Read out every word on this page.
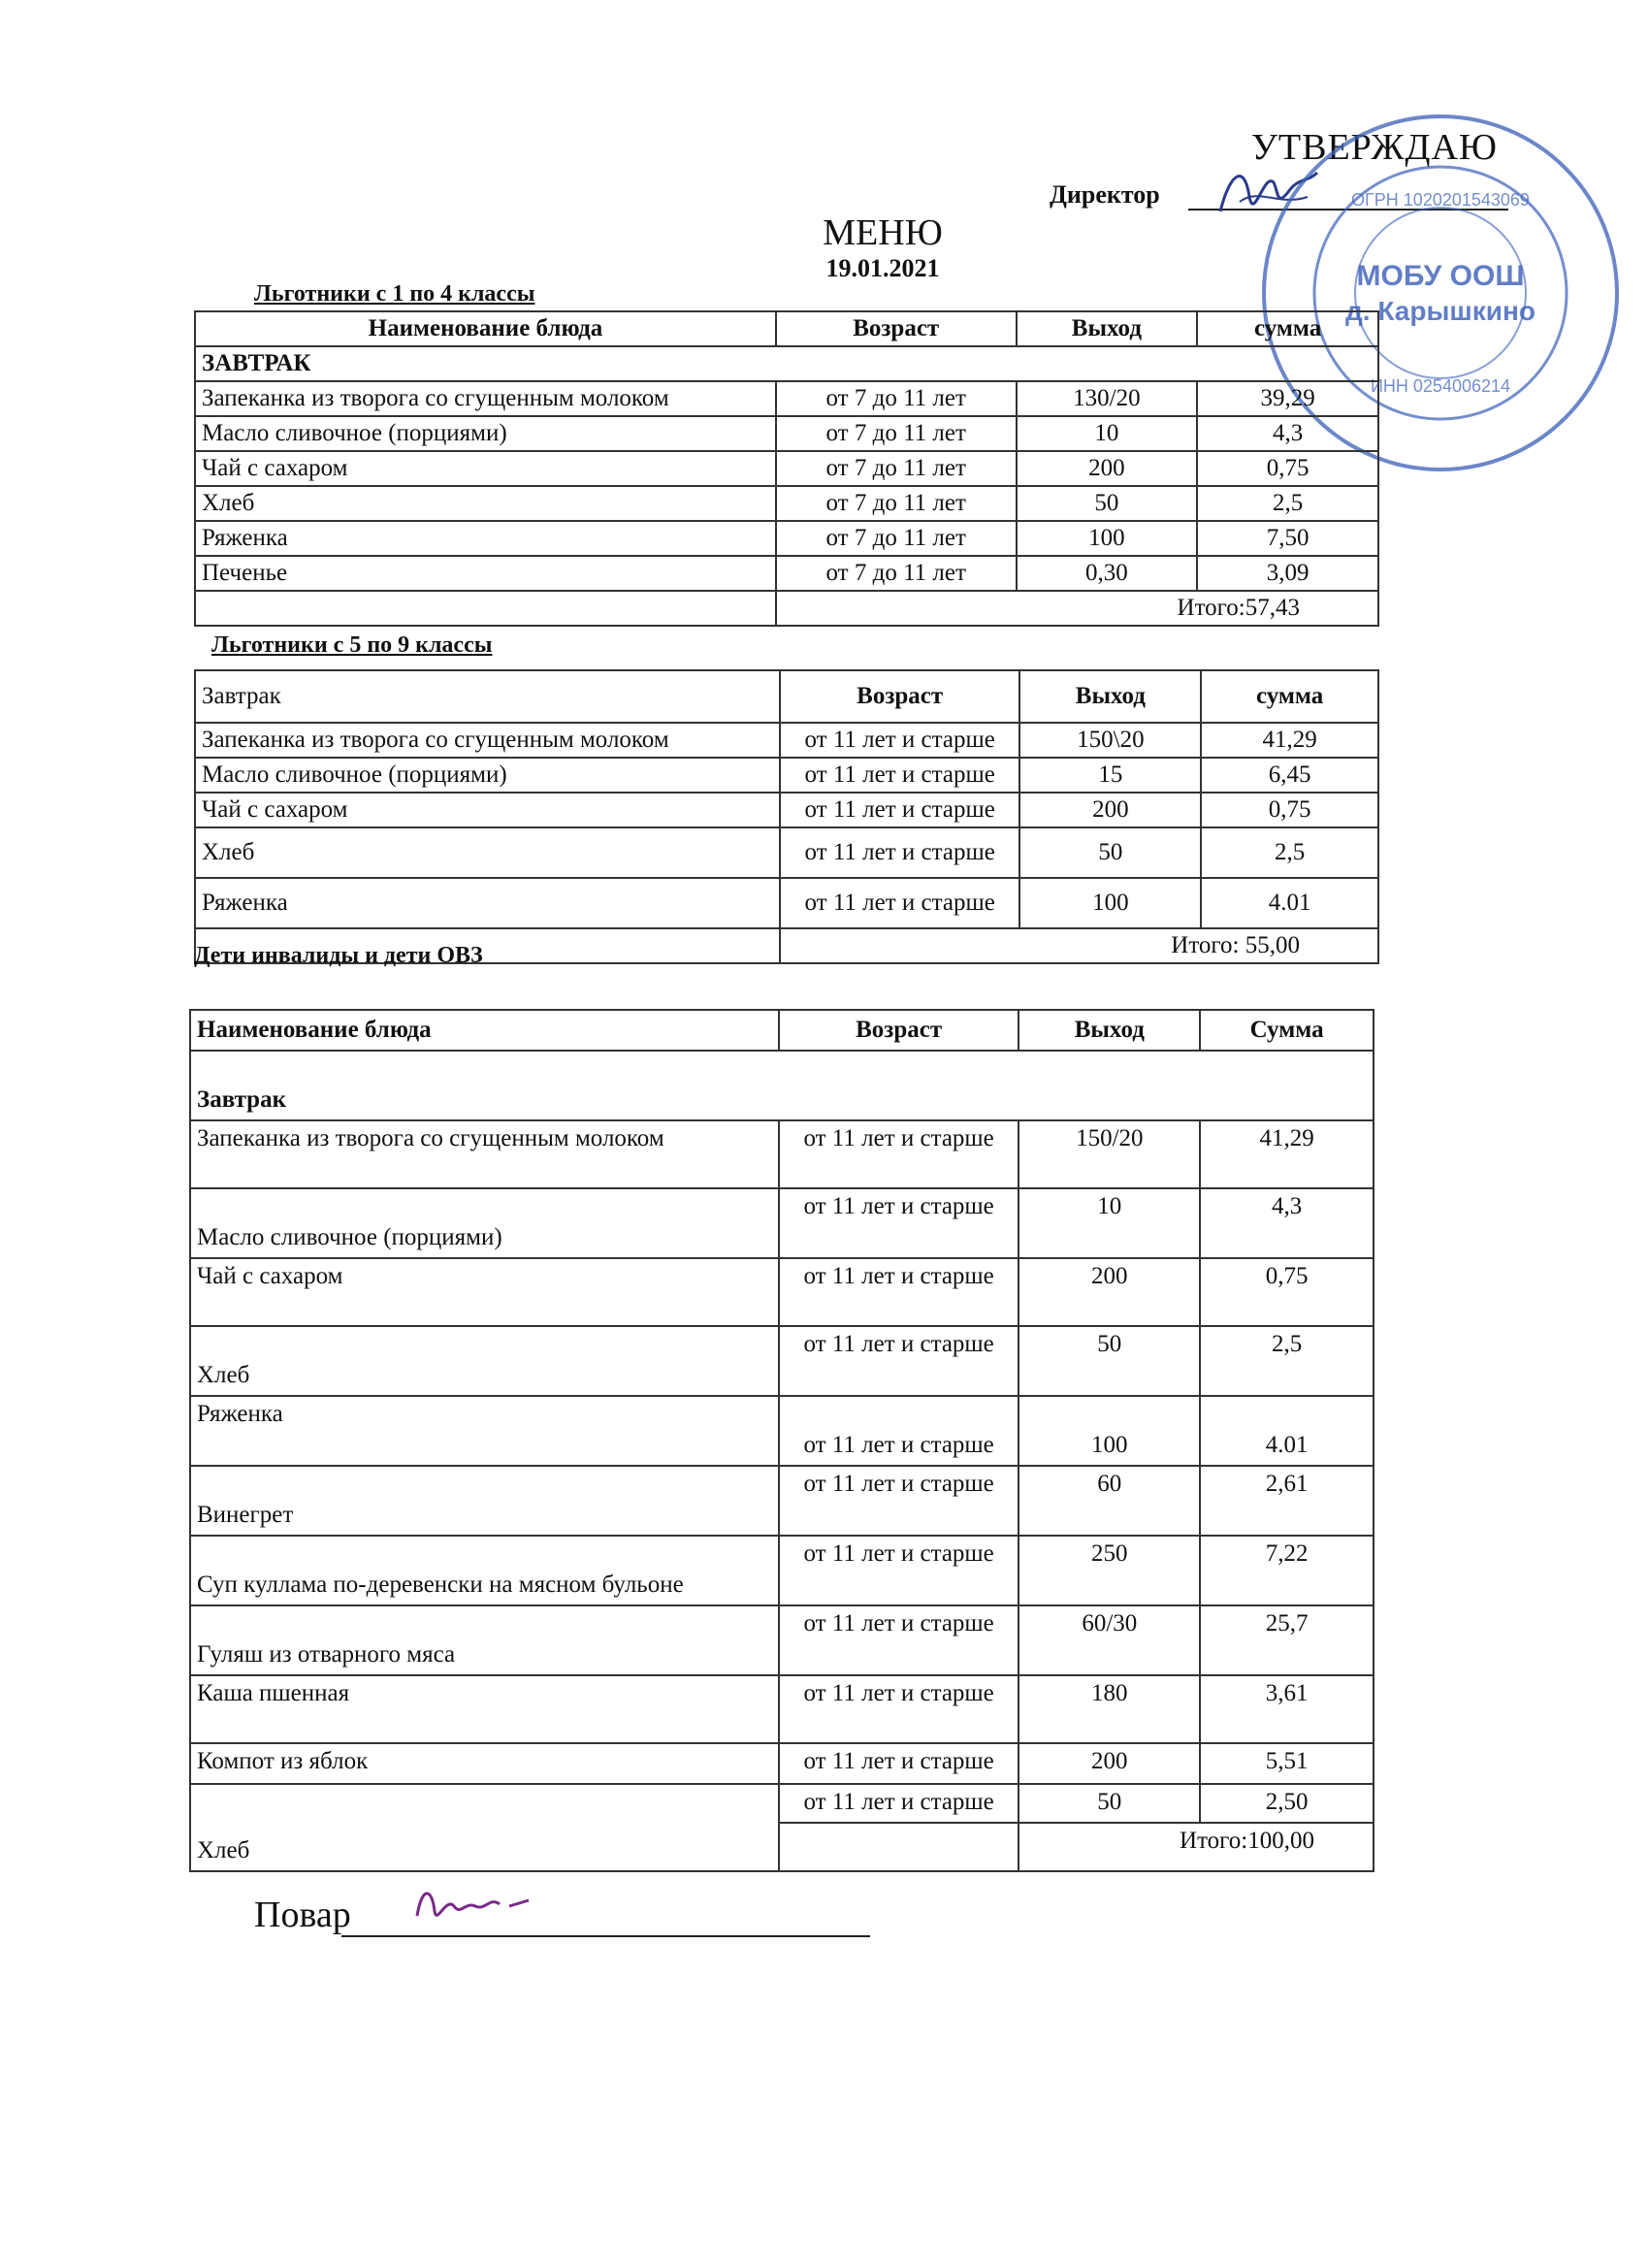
УТВЕРЖДАЮ
Директор
МЕНЮ
19.01.2021	МОБУ ООШ
д. Карышкино
ОГРН 1020201543069
ИНН 0254006214
Льготники с 1 по 4 классы
Наименование блюда	Возраст	Выход	сумма
ЗАВТРАК			
Запеканка из творога со сгущенным молоком	от 7 до 11 лет	130/20	39,29
Масло сливочное (порциями)	от 7 до 11 лет	10	4,3
Чай с сахаром	от 7 до 11 лет	200	0,75
Хлеб	от 7 до 11 лет	50	2,5
Ряженка	от 7 до 11 лет	100	7,50
Печенье	от 7 до 11 лет	0,30	3,09
	Итого:57,43		
Льготники с 5 по 9 классы
Завтрак	Возраст	Выход	сумма
Запеканка из творога со сгущенным молоком	от 11 лет и старше	150\20	41,29
Масло сливочное (порциями)	от 11 лет и старше	15	6,45
Чай с сахаром	от 11 лет и старше	200	0,75
Хлеб	от 11 лет и старше	50	2,5
Ряженка	от 11 лет и старше	100	4.01
	Итого: 55,00		
Дети инвалиды и дети ОВЗ
Наименование блюда	Возраст	Выход	Сумма
Завтрак			
Запеканка из творога со сгущенным молоком	от 11 лет и старше	150/20	41,29
Масло сливочное (порциями)	от 11 лет и старше	10	4,3
Чай с сахаром	от 11 лет и старше	200	0,75
Хлеб	от 11 лет и старше	50	2,5
Ряженка	от 11 лет и старше	100	4.01
Винегрет	от 11 лет и старше	60	2,61
Суп куллама по-деревенски на мясном бульоне	от 11 лет и старше	250	7,22
Гуляш из отварного мяса	от 11 лет и старше	60/30	25,7
Каша пшенная	от 11 лет и старше	180	3,61
Компот из яблок	от 11 лет и старше	200	5,51
Хлеб	от 11 лет и старше	50	2,50
		Итого:100,00	
Повар
